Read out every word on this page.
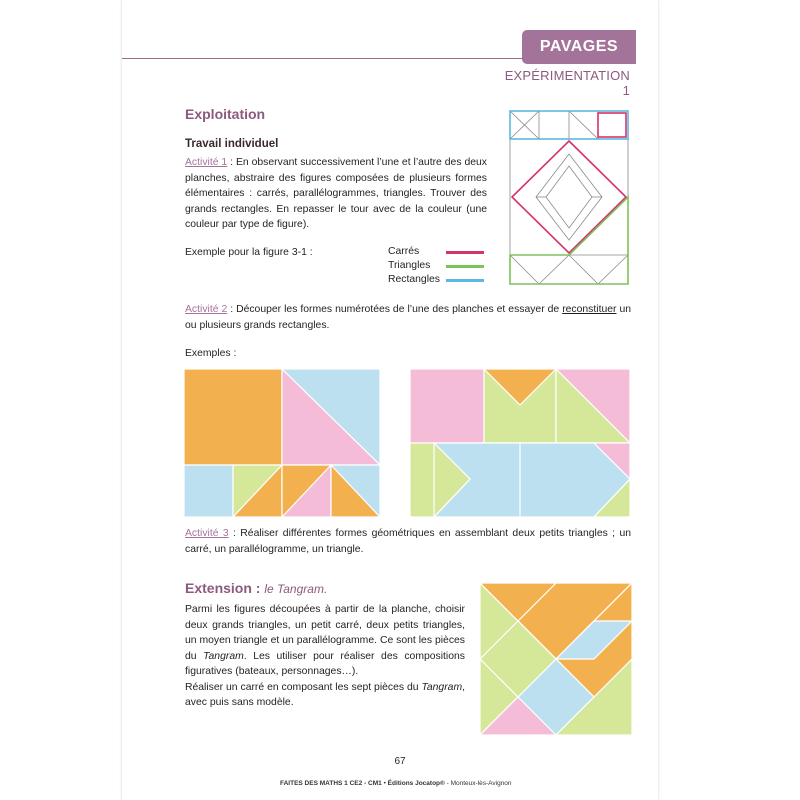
PAVAGES
EXPÉRIMENTATION 1
Exploitation
Travail individuel
Activité 1 : En observant successivement l’une et l’autre des deux planches, abstraire des figures composées de plusieurs formes élémentaires : carrés, parallélogrammes, triangles. Trouver des grands rectangles. En repasser le tour avec de la couleur (une couleur par type de figure).
Exemple pour la figure 3-1 :	Carrés
Triangles
Rectangles
Activité 2 : Découper les formes numérotées de l’une des planches et essayer de reconstituer un ou plusieurs grands rectangles.
Exemples :
Activité 3 : Réaliser différentes formes géométriques en assemblant deux petits triangles ; un carré, un parallélogramme, un triangle.
Extension : le Tangram.
Parmi les figures découpées à partir de la planche, choisir deux grands triangles, un petit carré, deux petits triangles, un moyen triangle et un parallélogramme. Ce sont les pièces du Tangram. Les utiliser pour réaliser des compositions figuratives (bateaux, personnages…).
Réaliser un carré en composant les sept pièces du Tangram, avec puis sans modèle.
67
FAITES DES MATHS 1 CE2 - CM1 • Éditions Jocatop® - Monteux-lès-Avignon
